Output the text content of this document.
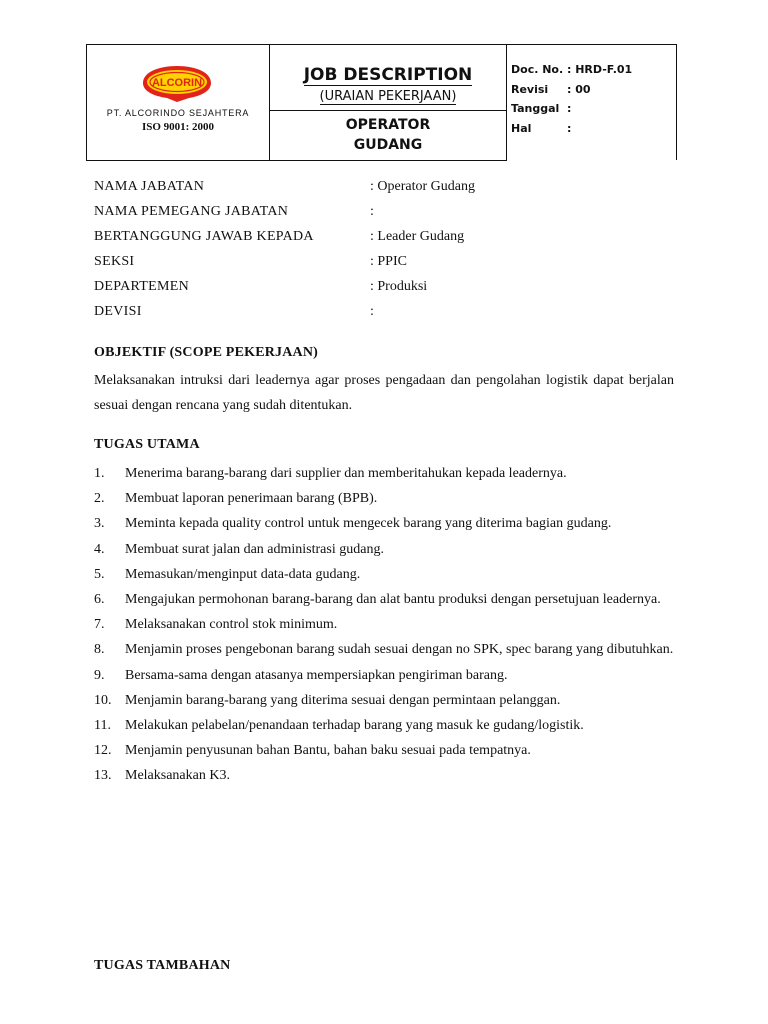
ALCORIN
PT. ALCORINDO SEJAHTERA
ISO 9001: 2000
JOB DESCRIPTION
(URAIAN PEKERJAAN)
OPERATOR
GUDANG
Doc. No. : HRD-F.01
Revisi : 00
Tanggal :
Hal	:
NAMA JABATAN	: Operator Gudang
NAMA PEMEGANG JABATAN	:
BERTANGGUNG JAWAB KEPADA	: Leader Gudang
SEKSI	: PPIC
DEPARTEMEN	: Produksi
DEVISI	:
OBJEKTIF (SCOPE PEKERJAAN)
Melaksanakan intruksi dari leadernya agar proses pengadaan dan pengolahan logistik dapat berjalan sesuai dengan rencana yang sudah ditentukan.
TUGAS UTAMA
1. Menerima barang-barang dari supplier dan memberitahukan kepada leadernya.
2. Membuat laporan penerimaan barang (BPB).
3. Meminta kepada quality control untuk mengecek barang yang diterima bagian gudang.
4. Membuat surat jalan dan administrasi gudang.
5. Memasukan/menginput data-data gudang.
6. Mengajukan permohonan barang-barang dan alat bantu produksi dengan persetujuan leadernya.
7. Melaksanakan control stok minimum.
8. Menjamin proses pengebonan barang sudah sesuai dengan no SPK, spec barang yang dibutuhkan.
9. Bersama-sama dengan atasanya mempersiapkan pengiriman barang.
10. Menjamin barang-barang yang diterima sesuai dengan permintaan pelanggan.
11. Melakukan pelabelan/penandaan terhadap barang yang masuk ke gudang/logistik.
12. Menjamin penyusunan bahan Bantu, bahan baku sesuai pada tempatnya.
13. Melaksanakan K3.
TUGAS TAMBAHAN
